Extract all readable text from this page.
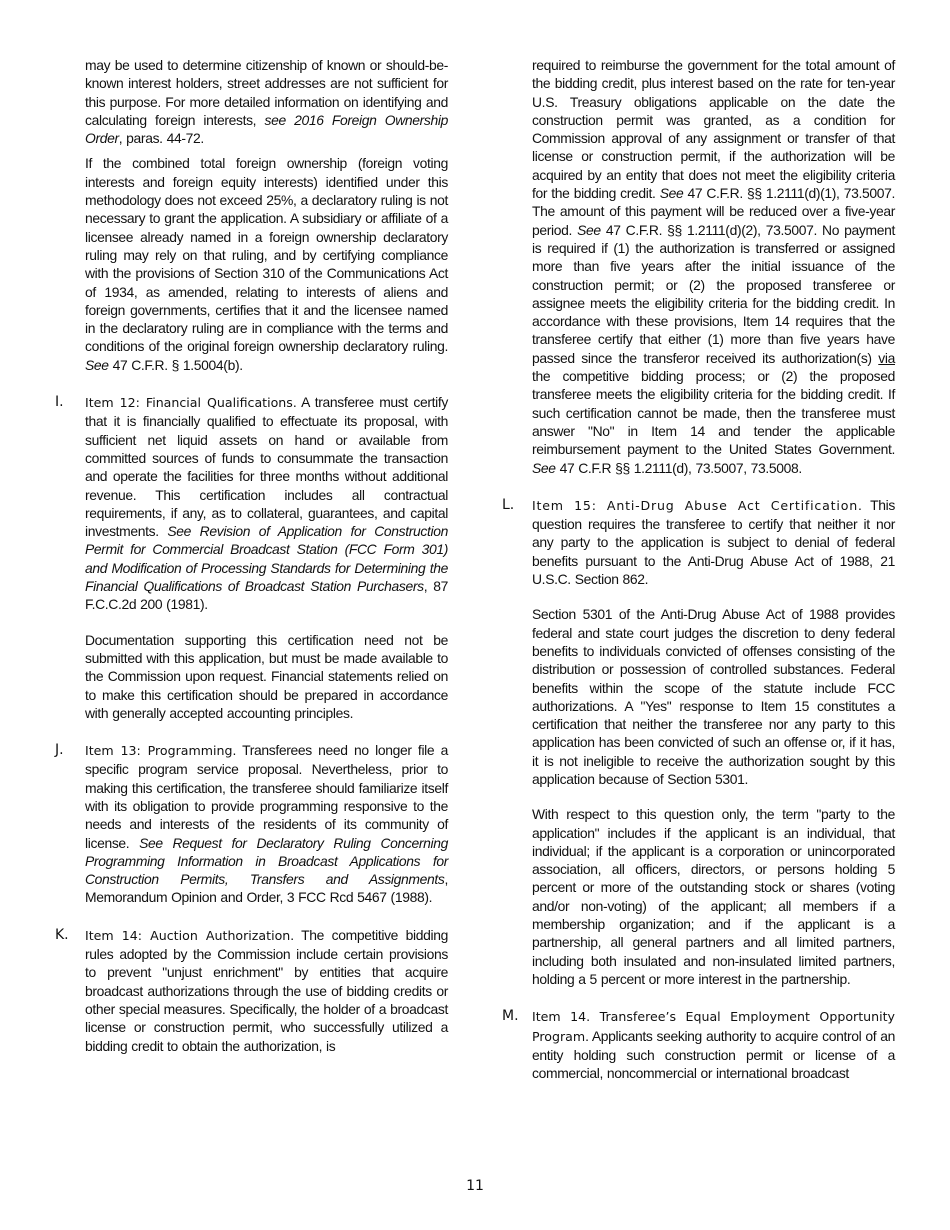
may be used to determine citizenship of known or should-be-known interest holders, street addresses are not sufficient for this purpose. For more detailed information on identifying and calculating foreign interests, see 2016 Foreign Ownership Order, paras. 44-72.

If the combined total foreign ownership (foreign voting interests and foreign equity interests) identified under this methodology does not exceed 25%, a declaratory ruling is not necessary to grant the application. A subsidiary or affiliate of a licensee already named in a foreign ownership declaratory ruling may rely on that ruling, and by certifying compliance with the provisions of Section 310 of the Communications Act of 1934, as amended, relating to interests of aliens and foreign governments, certifies that it and the licensee named in the declaratory ruling are in compliance with the terms and conditions of the original foreign ownership declaratory ruling. See 47 C.F.R. § 1.5004(b).

I. Item 12: Financial Qualifications. A transferee must certify that it is financially qualified to effectuate its proposal, with sufficient net liquid assets on hand or available from committed sources of funds to consummate the transaction and operate the facilities for three months without additional revenue. This certification includes all contractual requirements, if any, as to collateral, guarantees, and capital investments. See Revision of Application for Construction Permit for Commercial Broadcast Station (FCC Form 301) and Modification of Processing Standards for Determining the Financial Qualifications of Broadcast Station Purchasers, 87 F.C.C.2d 200 (1981).

Documentation supporting this certification need not be submitted with this application, but must be made available to the Commission upon request. Financial statements relied on to make this certification should be prepared in accordance with generally accepted accounting principles.

J. Item 13: Programming. Transferees need no longer file a specific program service proposal. Nevertheless, prior to making this certification, the transferee should familiarize itself with its obligation to provide programming responsive to the needs and interests of the residents of its community of license. See Request for Declaratory Ruling Concerning Programming Information in Broadcast Applications for Construction Permits, Transfers and Assignments, Memorandum Opinion and Order, 3 FCC Rcd 5467 (1988).

K. Item 14: Auction Authorization. The competitive bidding rules adopted by the Commission include certain provisions to prevent "unjust enrichment" by entities that acquire broadcast authorizations through the use of bidding credits or other special measures. Specifically, the holder of a broadcast license or construction permit, who successfully utilized a bidding credit to obtain the authorization, is

required to reimburse the government for the total amount of the bidding credit, plus interest based on the rate for ten-year U.S. Treasury obligations applicable on the date the construction permit was granted, as a condition for Commission approval of any assignment or transfer of that license or construction permit, if the authorization will be acquired by an entity that does not meet the eligibility criteria for the bidding credit. See 47 C.F.R. §§ 1.2111(d)(1), 73.5007. The amount of this payment will be reduced over a five-year period. See 47 C.F.R. §§ 1.2111(d)(2), 73.5007. No payment is required if (1) the authorization is transferred or assigned more than five years after the initial issuance of the construction permit; or (2) the proposed transferee or assignee meets the eligibility criteria for the bidding credit. In accordance with these provisions, Item 14 requires that the transferee certify that either (1) more than five years have passed since the transferor received its authorization(s) via the competitive bidding process; or (2) the proposed transferee meets the eligibility criteria for the bidding credit. If such certification cannot be made, then the transferee must answer "No" in Item 14 and tender the applicable reimbursement payment to the United States Government. See 47 C.F.R §§ 1.2111(d), 73.5007, 73.5008.

L. Item 15: Anti-Drug Abuse Act Certification. This question requires the transferee to certify that neither it nor any party to the application is subject to denial of federal benefits pursuant to the Anti-Drug Abuse Act of 1988, 21 U.S.C. Section 862.

Section 5301 of the Anti-Drug Abuse Act of 1988 provides federal and state court judges the discretion to deny federal benefits to individuals convicted of offenses consisting of the distribution or possession of controlled substances. Federal benefits within the scope of the statute include FCC authorizations. A "Yes" response to Item 15 constitutes a certification that neither the transferee nor any party to this application has been convicted of such an offense or, if it has, it is not ineligible to receive the authorization sought by this application because of Section 5301.

With respect to this question only, the term "party to the application" includes if the applicant is an individual, that individual; if the applicant is a corporation or unincorporated association, all officers, directors, or persons holding 5 percent or more of the outstanding stock or shares (voting and/or non-voting) of the applicant; all members if a membership organization; and if the applicant is a partnership, all general partners and all limited partners, including both insulated and non-insulated limited partners, holding a 5 percent or more interest in the partnership.

M. Item 14. Transferee’s Equal Employment Opportunity Program. Applicants seeking authority to acquire control of an entity holding such construction permit or license of a commercial, noncommercial or international broadcast

11
